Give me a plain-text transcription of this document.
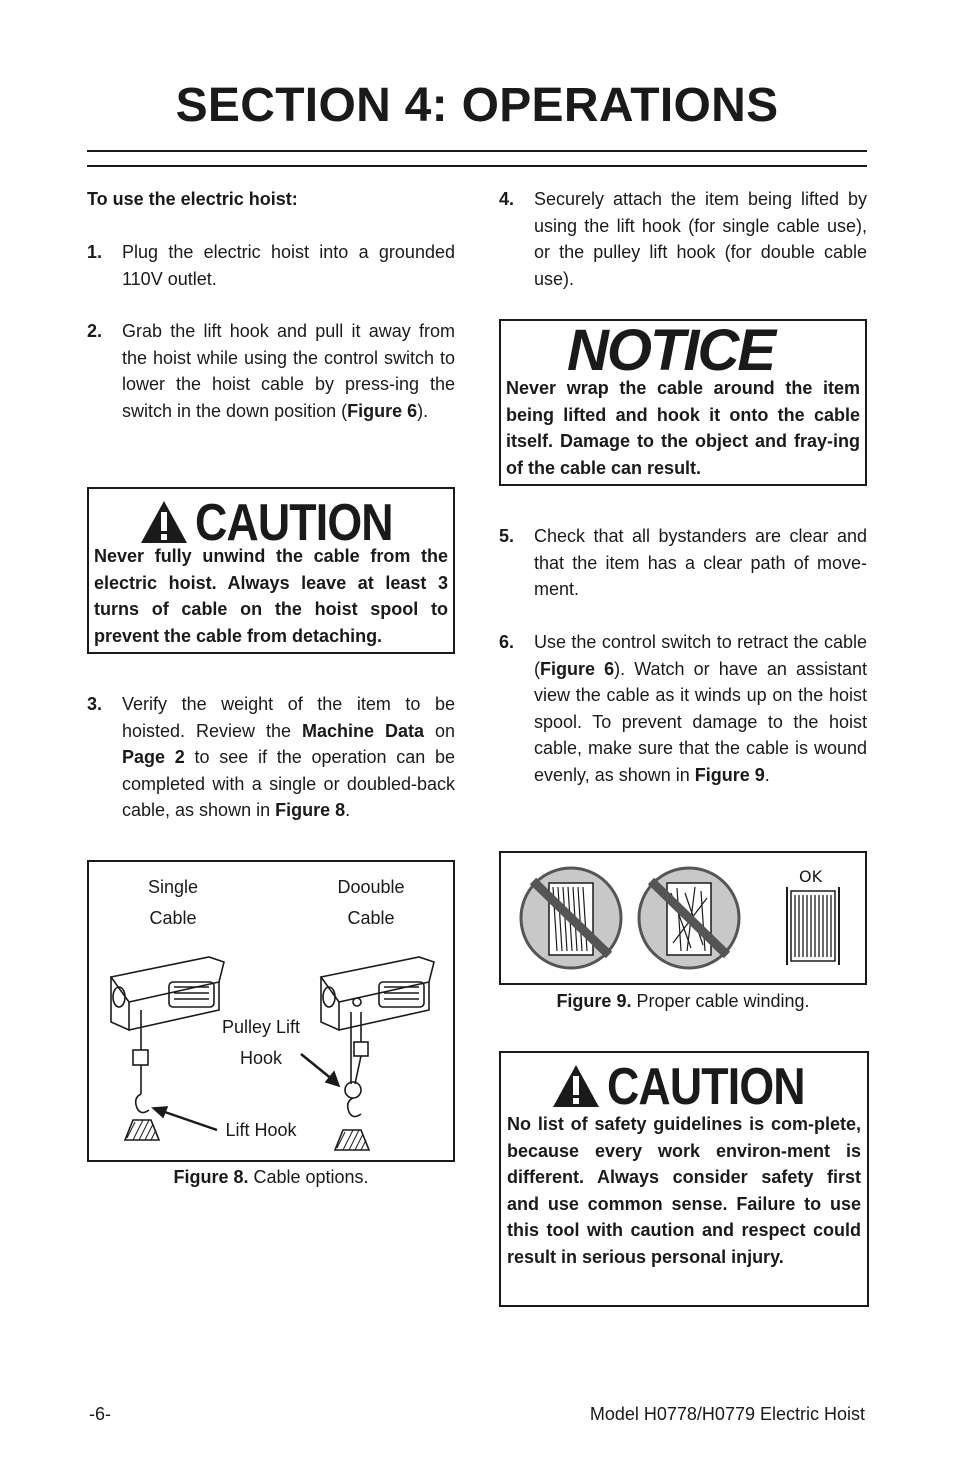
SECTION 4: OPERATIONS
To use the electric hoist:
1. Plug the electric hoist into a grounded 110V outlet.
2. Grab the lift hook and pull it away from the hoist while using the control switch to lower the hoist cable by press-ing the switch in the down position (Figure 6).
CAUTION
Never fully unwind the cable from the electric hoist. Always leave at least 3 turns of cable on the hoist spool to prevent the cable from detaching.
3. Verify the weight of the item to be hoisted. Review the Machine Data on Page 2 to see if the operation can be completed with a single or doubled-back cable, as shown in Figure 8.
Single
Cable
Doouble
Cable
Pulley Lift
Hook
Lift Hook
Figure 8. Cable options.
4. Securely attach the item being lifted by using the lift hook (for single cable use), or the pulley lift hook (for double cable use).
NOTICE
Never wrap the cable around the item being lifted and hook it onto the cable itself. Damage to the object and fray-ing of the cable can result.
5. Check that all bystanders are clear and that the item has a clear path of move-ment.
6. Use the control switch to retract the cable (Figure 6). Watch or have an assistant view the cable as it winds up on the hoist spool. To prevent damage to the hoist cable, make sure that the cable is wound evenly, as shown in Figure 9.
OK
Figure 9. Proper cable winding.
CAUTION
No list of safety guidelines is com-plete, because every work environ-ment is different. Always consider safety first and use common sense. Failure to use this tool with caution and respect could result in serious personal injury.
-6-	Model H0778/H0779 Electric Hoist
